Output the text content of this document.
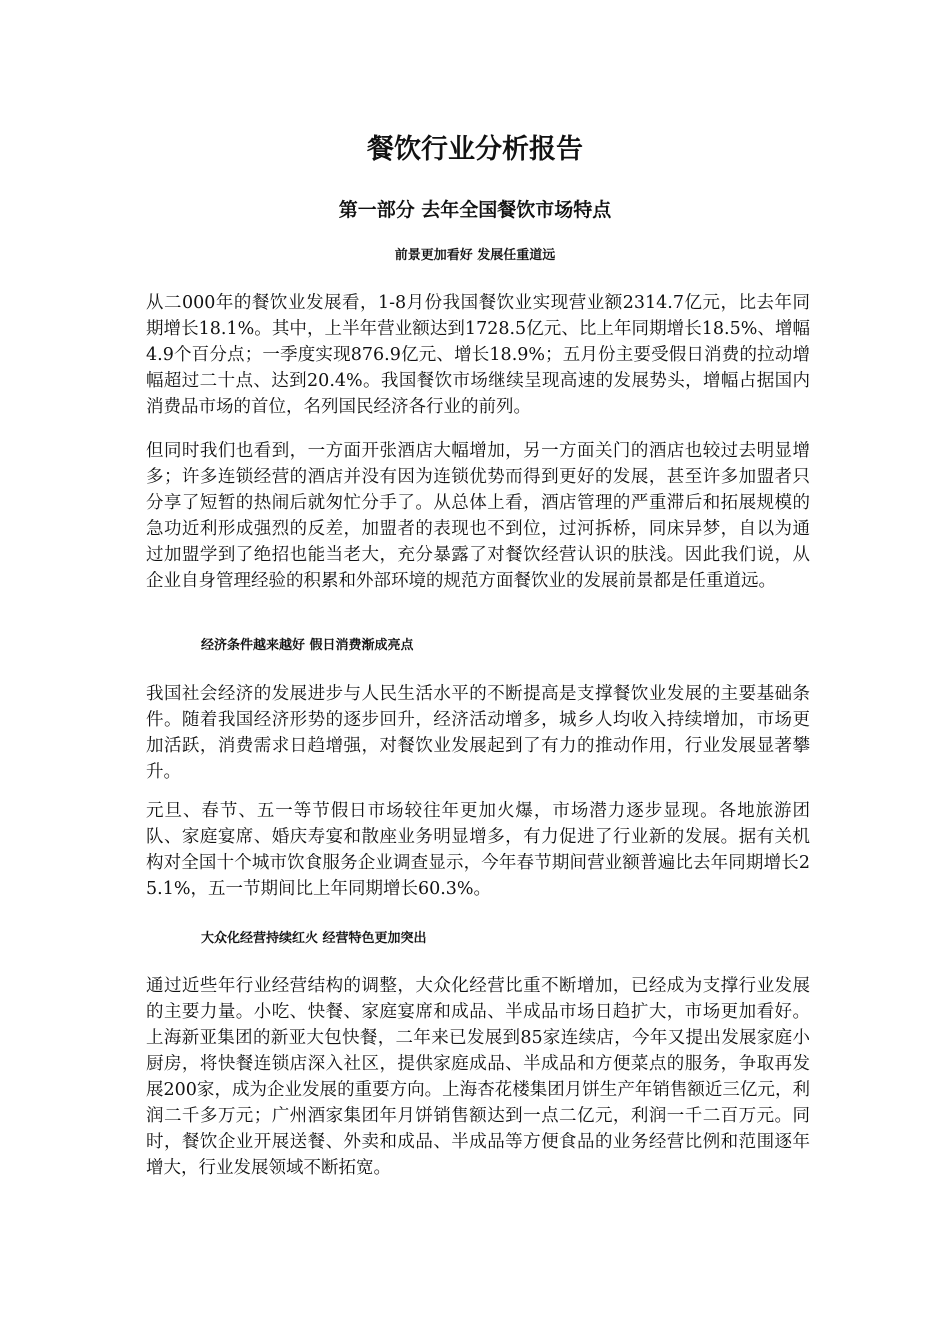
餐饮行业分析报告
第一部分 去年全国餐饮市场特点
前景更加看好 发展任重道远

从二000年的餐饮业发展看，1-8月份我国餐饮业实现营业额2314.7亿元，比去年同期增长18.1%。其中，上半年营业额达到1728.5亿元、比上年同期增长18.5%、增幅4.9个百分点；一季度实现876.9亿元、增长18.9%；五月份主要受假日消费的拉动增幅超过二十点、达到20.4%。我国餐饮市场继续呈现高速的发展势头，增幅占据国内消费品市场的首位，名列国民经济各行业的前列。

但同时我们也看到，一方面开张酒店大幅增加，另一方面关门的酒店也较过去明显增多；许多连锁经营的酒店并没有因为连锁优势而得到更好的发展，甚至许多加盟者只分享了短暂的热闹后就匆忙分手了。从总体上看，酒店管理的严重滞后和拓展规模的急功近利形成强烈的反差，加盟者的表现也不到位，过河拆桥，同床异梦，自以为通过加盟学到了绝招也能当老大，充分暴露了对餐饮经营认识的肤浅。因此我们说，从企业自身管理经验的积累和外部环境的规范方面餐饮业的发展前景都是任重道远。

经济条件越来越好 假日消费渐成亮点

我国社会经济的发展进步与人民生活水平的不断提高是支撑餐饮业发展的主要基础条件。随着我国经济形势的逐步回升，经济活动增多，城乡人均收入持续增加，市场更加活跃，消费需求日趋增强，对餐饮业发展起到了有力的推动作用，行业发展显著攀升。

元旦、春节、五一等节假日市场较往年更加火爆，市场潜力逐步显现。各地旅游团队、家庭宴席、婚庆寿宴和散座业务明显增多，有力促进了行业新的发展。据有关机构对全国十个城市饮食服务企业调查显示，今年春节期间营业额普遍比去年同期增长25.1%，五一节期间比上年同期增长60.3%。

大众化经营持续红火 经营特色更加突出

通过近些年行业经营结构的调整，大众化经营比重不断增加，已经成为支撑行业发展的主要力量。小吃、快餐、家庭宴席和成品、半成品市场日趋扩大，市场更加看好。上海新亚集团的新亚大包快餐，二年来已发展到85家连续店，今年又提出发展家庭小厨房，将快餐连锁店深入社区，提供家庭成品、半成品和方便菜点的服务，争取再发展200家，成为企业发展的重要方向。上海杏花楼集团月饼生产年销售额近三亿元，利润二千多万元；广州酒家集团年月饼销售额达到一点二亿元，利润一千二百万元。同时，餐饮企业开展送餐、外卖和成品、半成品等方便食品的业务经营比例和范围逐年增大，行业发展领域不断拓宽。
